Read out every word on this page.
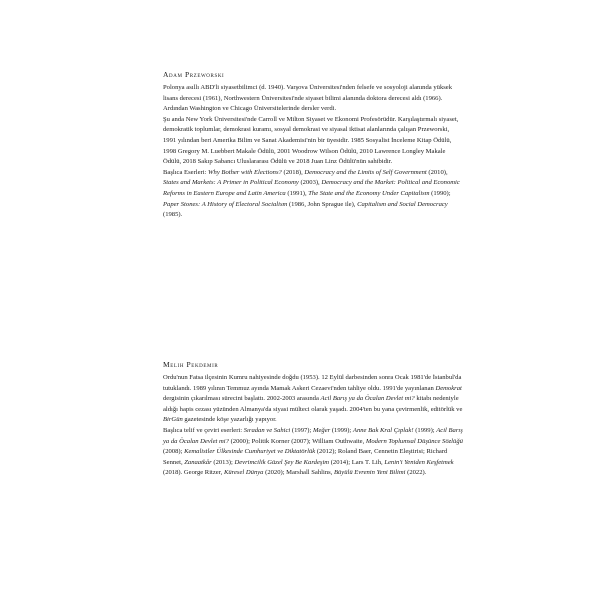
Adam Przeworski

Polonya asıllı ABD'li siyasetbilimci (d. 1940). Varşova Üniversitesi'nden felsefe ve sosyoloji alanında yüksek lisans derecesi (1961), Northwestern Üniversitesi'nde siyaset bilimi alanında doktora derecesi aldı (1966). Ardından Washington ve Chicago Üniversitelerinde dersler verdi.

Şu anda New York Üniversitesi'nde Carroll ve Milton Siyaset ve Ekonomi Profesörüdür. Karşılaştırmalı siyaset, demokratik toplumlar, demokrasi kuramı, sosyal demokrasi ve siyasal iktisat alanlarında çalışan Przeworski, 1991 yılından beri Amerika Bilim ve Sanat Akademisi'nin bir üyesidir. 1985 Sosyalist İnceleme Kitap Ödülü, 1998 Gregory M. Luebbert Makale Ödülü, 2001 Woodrow Wilson Ödülü, 2010 Lawrence Longley Makale Ödülü, 2018 Sakıp Sabancı Uluslararası Ödülü ve 2018 Juan Linz Ödülü'nün sahibidir.

Başlıca Eserleri: Why Bother with Elections? (2018), Democracy and the Limits of Self Government (2010), States and Markets: A Primer in Political Economy (2003), Democracy and the Market: Political and Economic Reforms in Eastern Europe and Latin America (1991), The State and the Economy Under Capitalism (1990); Paper Stones: A History of Electoral Socialism (1986, John Sprague ile), Capitalism and Social Democracy (1985).

Melih Pekdemir

Ordu'nun Fatsa ilçesinin Kumru nahiyesinde doğdu (1953). 12 Eylül darbesinden sonra Ocak 1981'de İstanbul'da tutuklandı. 1989 yılının Temmuz ayında Mamak Askeri Cezaevi'nden tahliye oldu. 1991'de yayınlanan Demokrat dergisinin çıkarılması sürecini başlattı. 2002-2003 arasında Acil Barış ya da Öcalan Devlet mi? kitabı nedeniyle aldığı hapis cezası yüzünden Almanya'da siyasi mülteci olarak yaşadı. 2004'ten bu yana çevirmenlik, editörlük ve BirGün gazetesinde köşe yazarlığı yapıyor.

Başlıca telif ve çeviri eserleri: Sıradan ve Sahici (1997); Meğer (1999); Anne Bak Kral Çıplak! (1999); Acil Barış ya da Öcalan Devlet mi? (2000); Politik Korner (2007); William Outhwaite, Modern Toplumsal Düşünce Sözlüğü (2008); Kemalistler Ülkesinde Cumhuriyet ve Diktatörlük (2012); Roland Baer, Cennetin Eleştirisi; Richard Sennet, Zanaatkâr (2013); Devrimcilik Güzel Şey Be Kardeşim (2014); Lars T. Lih, Lenin'i Yeniden Keşfetmek (2018). George Ritzer, Küresel Dünya (2020); Marshall Sahlins, Büyülü Evrenin Yeni Bilimi (2022).
